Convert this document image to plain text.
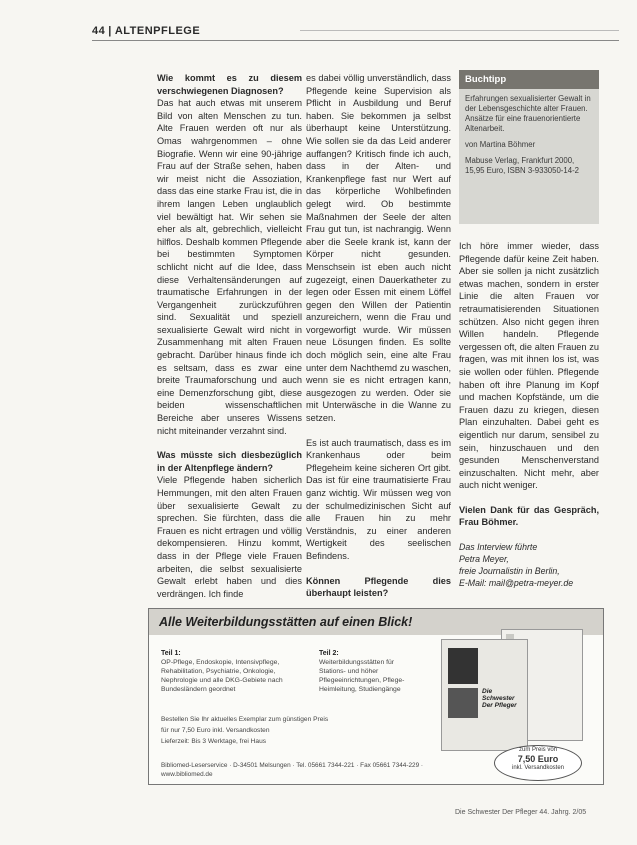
44 | ALTENPFLEGE

Wie kommt es zu diesem verschwiegenen Diagnosen?
Das hat auch etwas mit unserem Bild von alten Menschen zu tun. Alte Frauen werden oft nur als Omas wahrgenommen – ohne Biografie. Wenn wir eine 90-jährige Frau auf der Straße sehen, haben wir meist nicht die Assoziation, dass das eine starke Frau ist, die in ihrem langen Leben unglaublich viel bewältigt hat. Wir sehen sie eher als alt, gebrechlich, vielleicht hilflos. Deshalb kommen Pflegende bei bestimmten Symptomen schlicht nicht auf die Idee, dass diese Verhaltensänderungen auf traumatische Erfahrungen in der Vergangenheit zurückzuführen sind. Sexualität und speziell sexualisierte Gewalt wird nicht in Zusammenhang mit alten Frauen gebracht. Darüber hinaus finde ich es seltsam, dass es zwar eine breite Traumaforschung und auch eine Demenzforschung gibt, diese beiden wissenschaftlichen Bereiche aber unseres Wissens nicht miteinander verzahnt sind.

Was müsste sich diesbezüglich in der Altenpflege ändern?
Viele Pflegende haben sicherlich Hemmungen, mit den alten Frauen über sexualisierte Gewalt zu sprechen. Sie fürchten, dass die Frauen es nicht ertragen und völlig dekompensieren. Hinzu kommt, dass in der Pflege viele Frauen arbeiten, die selbst sexualisierte Gewalt erlebt haben und dies verdrängen. Ich finde

es dabei völlig unverständlich, dass Pflegende keine Supervision als Pflicht in Ausbildung und Beruf haben. Sie bekommen ja selbst überhaupt keine Unterstützung. Wie sollen sie da das Leid anderer auffangen? Kritisch finde ich auch, dass in der Alten- und Krankenpflege fast nur Wert auf das körperliche Wohlbefinden gelegt wird. Ob bestimmte Maßnahmen der Seele der alten Frau gut tun, ist nachrangig. Wenn aber die Seele krank ist, kann der Körper nicht gesunden. Menschsein ist eben auch nicht zugezeigt, einen Dauerkatheter zu legen oder Essen mit einem Löffel gegen den Willen der Patientin anzureichern, wenn die Frau und vorgeworfigt wurde. Wir müssen neue Lösungen finden. Es sollte doch möglich sein, eine alte Frau unter dem Nachthemd zu waschen, wenn sie es nicht ertragen kann, ausgezogen zu werden. Oder sie mit Unterwäsche in die Wanne zu setzen.

Es ist auch traumatisch, dass es im Krankenhaus oder beim Pflegeheim keine sicheren Ort gibt. Das ist für eine traumatisierte Frau ganz wichtig. Wir müssen weg von der schulmedizinischen Sicht auf alle Frauen hin zu mehr Verständnis, zu einer anderen Wertigkeit des seelischen Befindens.

Können Pflegende dies überhaupt leisten?

Buchtipp
Erfahrungen sexualisierter Gewalt in der Lebensgeschichte alter Frauen. Ansätze für eine frauenorientierte Altenarbeit.
von Martina Böhmer
Mabuse Verlag, Frankfurt 2000, 15,95 Euro, ISBN 3-933050-14-2

Ich höre immer wieder, dass Pflegende dafür keine Zeit haben. Aber sie sollen ja nicht zusätzlich etwas machen, sondern in erster Linie die alten Frauen vor retraumatisierenden Situationen schützen. Also nicht gegen ihren Willen handeln. Pflegende vergessen oft, die alten Frauen zu fragen, was mit ihnen los ist, was sie wollen oder fühlen. Pflegende haben oft ihre Planung im Kopf und machen Kopfstände, um die Frauen dazu zu kriegen, diesen Plan einzuhalten. Dabei geht es eigentlich nur darum, sensibel zu sein, hinzuschauen und den gesunden Menschenverstand einzuschalten. Nicht mehr, aber auch nicht weniger.

Vielen Dank für das Gespräch, Frau Böhmer.

Das Interview führte
Petra Meyer,
freie Journalistin in Berlin,
E-Mail: mail@petra-meyer.de
Alle Weiterbildungsstätten auf einen Blick!
Teil 1:
OP-Pflege, Endoskopie, Intensivpflege, Rehabilitation, Psychiatrie, Onkologie, Nephrologie und alle DKG-Gebiete nach Bundesländern geordnet
Teil 2:
Weiterbildungsstätten für Stations- und höher Pflegeeinrichtungen, Pflege-Heimleitung, Studiengänge
Bestellen Sie Ihr aktuelles Exemplar zum günstigen Preis
für nur 7,50 Euro inkl. Versandkosten
Lieferzeit: Bis 3 Werktage, frei Haus
Bibliomed-Leserservice · D-34501 Melsungen · Tel. 05661 7344-221 · Fax 05661 7344-229 · www.bibliomed.de
Die Schwester Der Pfleger
zum Preis von
7,50 Euro
inkl. Versandkosten
Die Schwester Der Pfleger 44. Jahrg. 2/05
